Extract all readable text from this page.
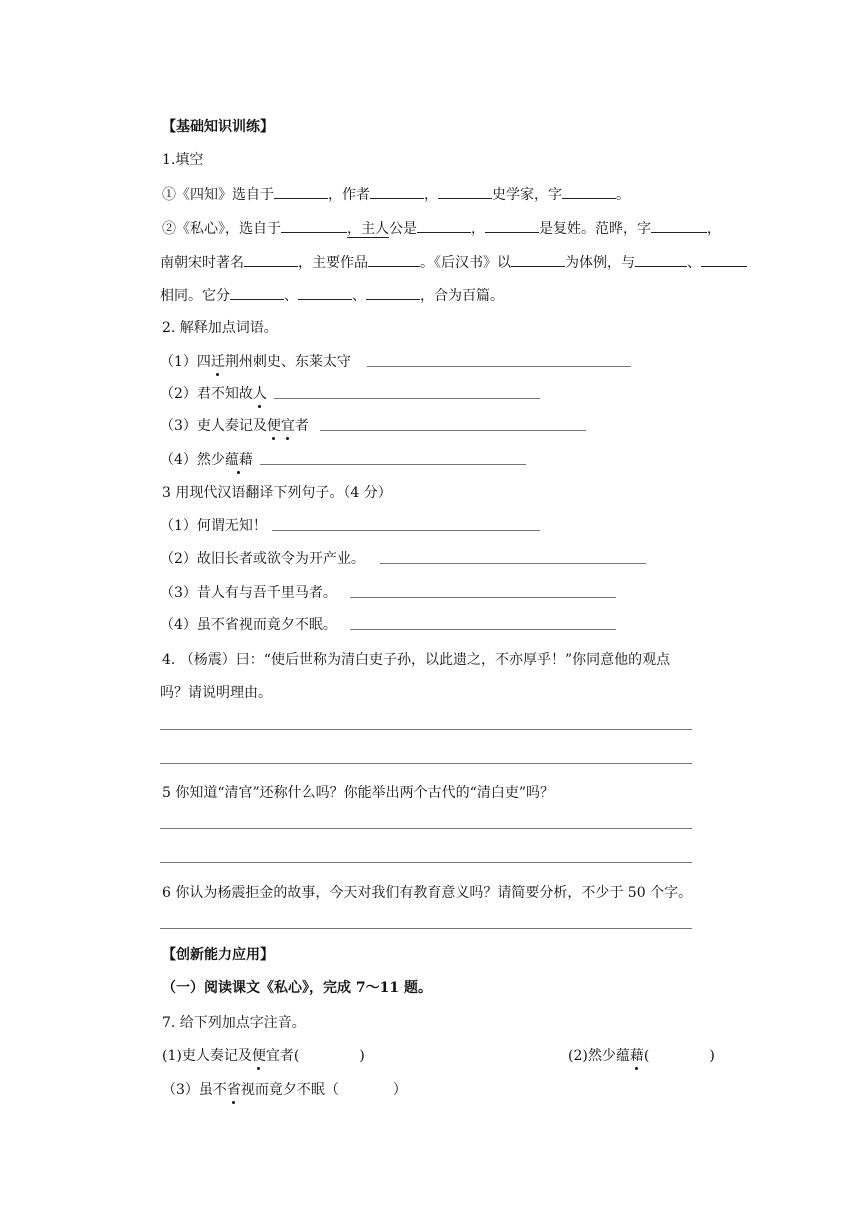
【基础知识训练】
1.填空
①《四知》选自于	，作者	，	史学家，字	。
②《私心》，选自于	，主人公是	，	是复姓。范晔，字	，
南朝宋时著名	，主要作品	。《后汉书》以	为体例，与	、
相同。它分	、	、	，合为百篇。
2. 解释加点词语。
（1）四迁荆州刺史、东莱太守
（2）君不知故人
（3）吏人奏记及便宜者
（4）然少蕴藉
3 用现代汉语翻译下列句子。（4 分）
（1）何谓无知！
（2）故旧长者或欲令为开产业。
（3）昔人有与吾千里马者。
（4）虽不省视而竟夕不眠。
4. （杨震）曰：“使后世称为清白吏子孙，以此遗之，不亦厚乎！”你同意他的观点
吗？请说明理由。
5 你知道“清官”还称什么吗？你能举出两个古代的“清白吏”吗？
6 你认为杨震拒金的故事，今天对我们有教育意义吗？请简要分析，不少于 50 个字。
【创新能力应用】
（一）阅读课文《私心》，完成 7～11 题。
7. 给下列加点字注音。
(1)吏人奏记及便宜者(	)	(2)然少蕴藉(	)
（3）虽不省视而竟夕不眠（	）
